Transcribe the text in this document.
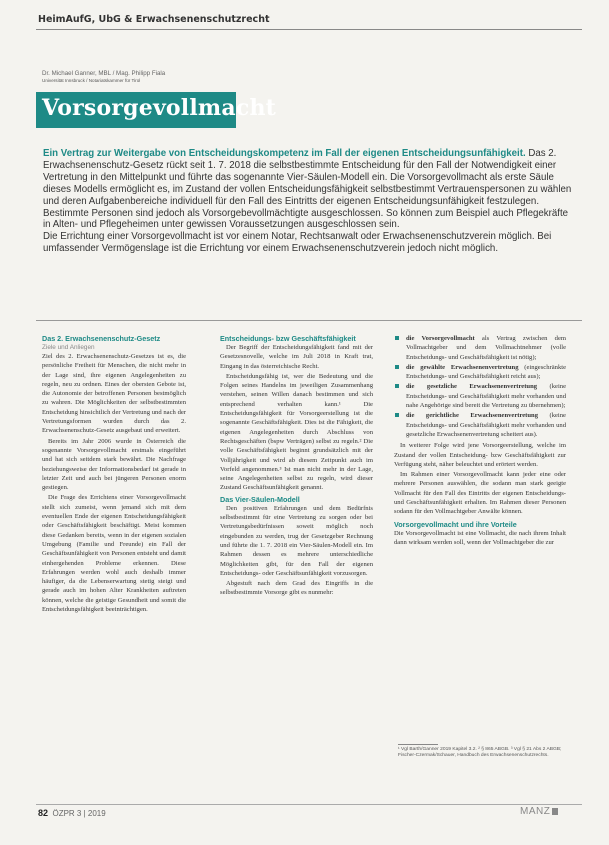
HeimAufG, UbG & Erwachsenenschutzrecht
Dr. Michael Ganner, MBL / Mag. Philipp Fiala
Universität Innsbruck / Notariatskammer für Tirol
Vorsorgevollmacht
Ein Vertrag zur Weitergabe von Entscheidungskompetenz im Fall der eigenen Entscheidungsunfähigkeit. Das 2. Erwachsenenschutz-Gesetz rückt seit 1. 7. 2018 die selbstbestimmte Entscheidung für den Fall der Notwendigkeit einer Vertretung in den Mittelpunkt und führte das sogenannte Vier-Säulen-Modell ein. Die Vorsorgevollmacht als erste Säule dieses Modells ermöglicht es, im Zustand der vollen Entscheidungsfähigkeit selbstbestimmt Vertrauenspersonen zu wählen und deren Aufgabenbereiche individuell für den Fall des Eintritts der eigenen Entscheidungsunfähigkeit festzulegen. Bestimmte Personen sind jedoch als Vorsorgebevollmächtigte ausgeschlossen. So können zum Beispiel auch Pflegekräfte in Alten- und Pflegeheimen unter gewissen Voraussetzungen ausgeschlossen sein.
Die Errichtung einer Vorsorgevollmacht ist vor einem Notar, Rechtsanwalt oder Erwachsenenschutzverein möglich. Bei umfassender Vermögenslage ist die Errichtung vor einem Erwachsenenschutzverein jedoch nicht möglich.
Das 2. Erwachsenenschutz-Gesetz
Ziele und Anliegen

Ziel des 2. Erwachsenenschutz-Gesetzes ist es, die persönliche Freiheit für Menschen, die nicht mehr in der Lage sind, ihre eigenen Angelegenheiten zu regeln, neu zu ordnen. Eines der obersten Gebote ist, die Autonomie der betroffenen Personen bestmöglich zu wahren. Die Möglichkeiten der selbstbestimmten Entscheidung hinsichtlich der Vertretung und nach der Vertretungsformen wurden durch das 2. Erwachsenenschutz-Gesetz ausgebaut und erweitert.

Bereits im Jahr 2006 wurde in Österreich die sogenannte Vorsorgevollmacht erstmals eingeführt und hat sich seitdem stark bewährt. Die Nachfrage beziehungsweise der Informationsbedarf ist gerade in letzter Zeit und auch bei jüngeren Personen enorm gestiegen.

Die Frage des Errichtens einer Vorsorgevollmacht stellt sich zumeist, wenn jemand sich mit dem eventuellen Ende der eigenen Entscheidungsfähigkeit oder Geschäftsfähigkeit beschäftigt. Meist kommen diese Gedanken bereits, wenn in der eigenen sozialen Umgebung (Familie und Freunde) ein Fall der Geschäftsunfähigkeit von Personen entsteht und damit einhergehenden Probleme erkennen. Diese Erfahrungen werden wohl auch deshalb immer häufiger, da die Lebenserwartung stetig steigt und gerade auch im hohen Alter Krankheiten auftreten können, welche die geistige Gesundheit und somit die Entscheidungsfähigkeit beeinträchtigen.

Entscheidungs- bzw Geschäftsfähigkeit

Der Begriff der Entscheidungsfähigkeit fand mit der Gesetzesnovelle, welche im Juli 2018 in Kraft trat, Eingang in das österreichische Recht.

Entscheidungsfähig ist, wer die Bedeutung und die Folgen seines Handelns im jeweiligen Zusammenhang verstehen, seinen Willen danach bestimmen und sich entsprechend verhalten kann.¹ Die Entscheidungsfähigkeit für Vorsorgeerstellung ist die sogenannte Geschäftsfähigkeit. Dies ist die Fähigkeit, die eigenen Angelegenheiten durch Abschluss von Rechtsgeschäften (bspw Verträgen) selbst zu regeln.² Die volle Geschäftsfähigkeit beginnt grundsätzlich mit der Volljährigkeit und wird ab diesem Zeitpunkt auch im Vorfeld angenommen.³ Ist man nicht mehr in der Lage, seine Angelegenheiten selbst zu regeln, wird dieser Zustand Geschäftsunfähigkeit genannt.

Das Vier-Säulen-Modell

Den positiven Erfahrungen und dem Bedürfnis selbstbestimmt für eine Vertretung zu sorgen oder bei Vertretungsbedürfnissen soweit möglich noch eingebunden zu werden, trug der Gesetzgeber Rechnung und führte die 1. 7. 2018 ein Vier-Säulen-Modell ein. Im Rahmen dessen es mehrere unterschiedliche Möglichkeiten gibt, für den Fall der eigenen Entscheidungs- oder Geschäftsunfähigkeit vorzusorgen.

Abgestuft nach dem Grad des Eingriffs in die selbstbestimmte Vorsorge gibt es nunmehr:

die Vorsorgevollmacht als Vertrag zwischen dem Vollmachtgeber und dem Vollmachtnehmer (volle Entscheidungs- und Geschäftsfähigkeit ist nötig);
die gewählte Erwachsenenvertretung (eingeschränkte Entscheidungs- und Geschäftsfähigkeit reicht aus);
die gesetzliche Erwachsenenvertretung (keine Entscheidungs- und Geschäftsfähigkeit mehr vorhanden und nahe Angehörige sind bereit die Vertretung zu übernehmen);
die gerichtliche Erwachsenenvertretung (keine Entscheidungs- und Geschäftsfähigkeit mehr vorhanden und gesetzliche Erwachsenenvertretung scheitert aus).

In weiterer Folge wird jene Vorsorgeerstellung, welche im Zustand der vollen Entscheidung- bzw Geschäftsfähigkeit zur Verfügung steht, näher beleuchtet und erörtert werden.

Im Rahmen einer Vorsorgevollmacht kann jeder eine oder mehrere Personen auswählen, die sodann man stark geeigte Vollmacht für den Fall des Eintritts der eigenen Entscheidungs- und Geschäftsunfähigkeit erhalten. Im Rahmen dieser Personen sodann für den Vollmachtgeber Anwälte können.

Vorsorgevollmacht und ihre Vorteile

Die Vorsorgevollmacht ist eine Vollmacht, die nach ihrem Inhalt dann wirksam werden soll, wenn der Vollmachtgeber die zur

¹ Vgl Barth/Ganner 2019 Kapitel 3.2. ² § 865 ABGB. ³ Vgl § 21 Abs 2 ABGB; Fischer-Czermak/Schauer, Handbuch des Erwachsenenschutzrechts.
82 ÖZPR 3 | 2019	MANZ
